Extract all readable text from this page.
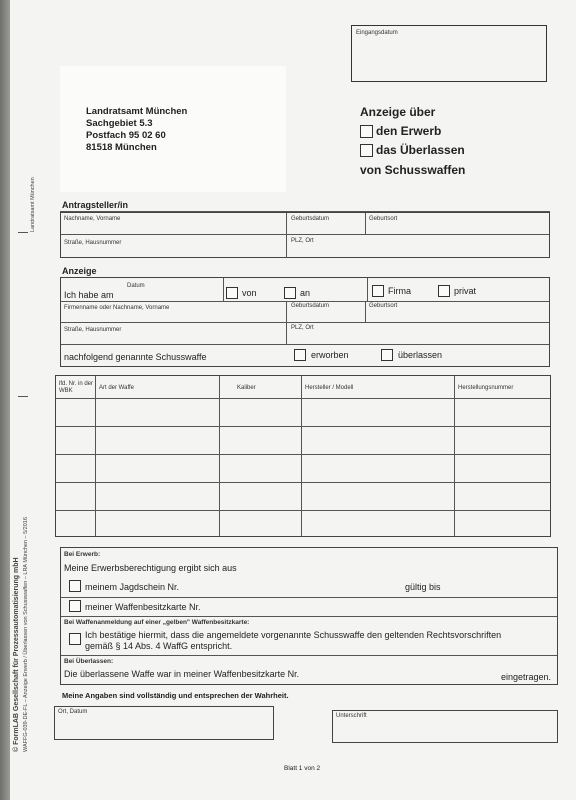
Eingangsdatum
Landratsamt München
Sachgebiet 5.3
Postfach 95 02 60
81518 München
Anzeige über
den Erwerb
das Überlassen
von Schusswaffen
Landratsamt München
© FormLAB Gesellschaft für Prozessautomatisierung mbH WAFFG-039-DE-FL – Anzeige Erwerb / Überlassen von Schusswaffen – LRA München – 5/2016
Antragsteller/in
Nachname, Vorname	Geburtsdatum	Geburtsort
Straße, Hausnummer	PLZ, Ort
Anzeige
Datum
Ich habe am	von	an	Firma	privat
Firmenname oder Nachname, Vorname	Geburtsdatum	Geburtsort
Straße, Hausnummer	PLZ, Ort
nachfolgend genannte Schusswaffe	erworben	überlassen
lfd. Nr. in der WBK	Art der Waffe	Kaliber	Hersteller / Modell	Herstellungsnummer
Bei Erwerb:
Meine Erwerbsberechtigung ergibt sich aus
meinem Jagdschein Nr.	gültig bis
meiner Waffenbesitzkarte Nr.
Bei Waffenanmeldung auf einer „gelben" Waffenbesitzkarte:
Ich bestätige hiermit, dass die angemeldete vorgenannte Schusswaffe den geltenden Rechtsvorschriften
gemäß § 14 Abs. 4 WaffG entspricht.
Bei Überlassen:
Die überlassene Waffe war in meiner Waffenbesitzkarte Nr.	eingetragen.
Meine Angaben sind vollständig und entsprechen der Wahrheit.
Ort, Datum
Unterschrift
Blatt 1 von 2
